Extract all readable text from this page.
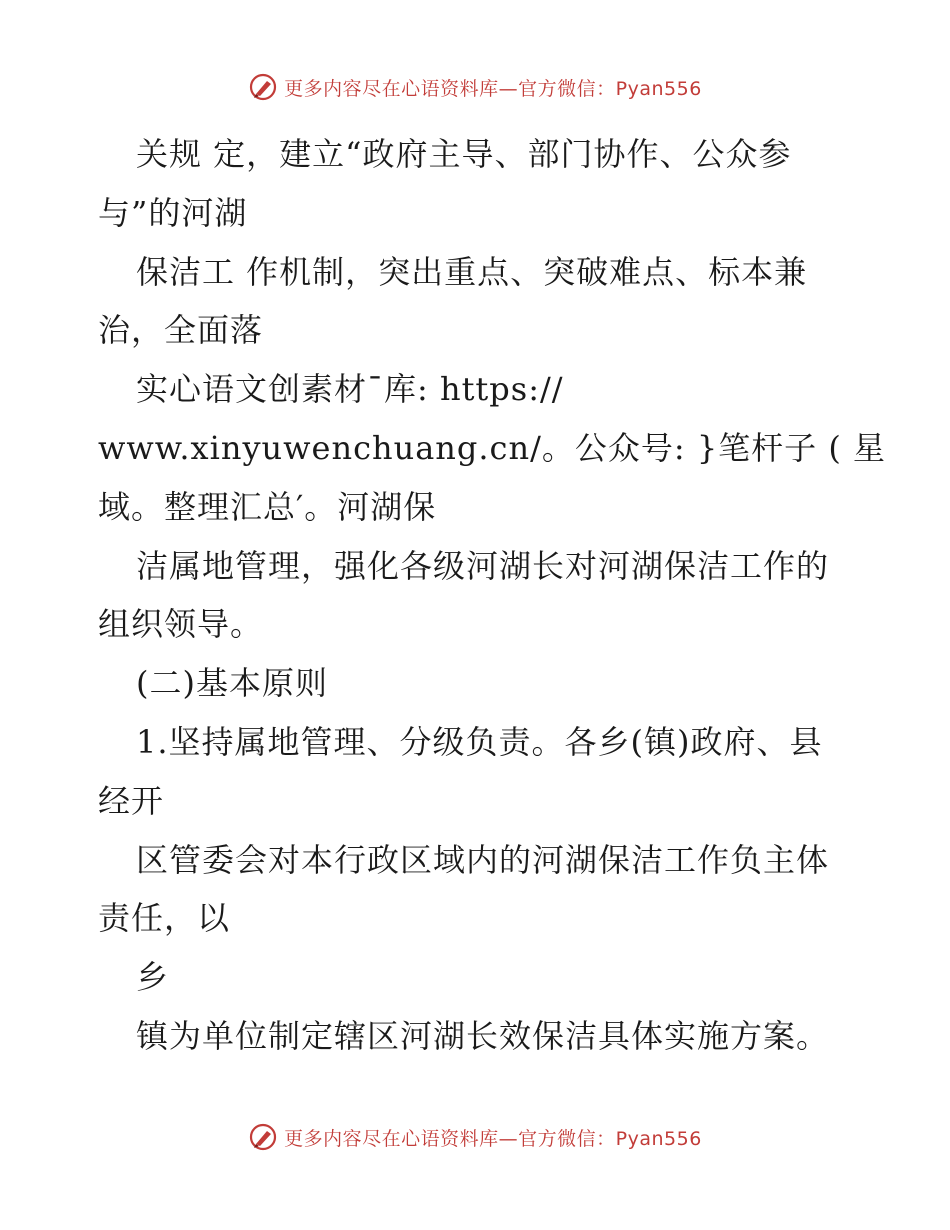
更多内容尽在心语资料库—官方微信：Pyan556
关规 定，建立“政府主导、部门协作、公众参
与”的河湖
保洁工 作机制，突出重点、突破难点、标本兼
治，全面落
实心语文创素材¯库: https://
www.xinyuwenchuang.cn/。公众号: }笔杆子 ( 星
域。整理汇总′。河湖保
洁属地管理，强化各级河湖长对河湖保洁工作的
组织领导。
(二)基本原则
1.坚持属地管理、分级负责。各乡(镇)政府、县
经开
区管委会对本行政区域内的河湖保洁工作负主体
责任，以
乡
镇为单位制定辖区河湖长效保洁具体实施方案。
更多内容尽在心语资料库—官方微信：Pyan556
